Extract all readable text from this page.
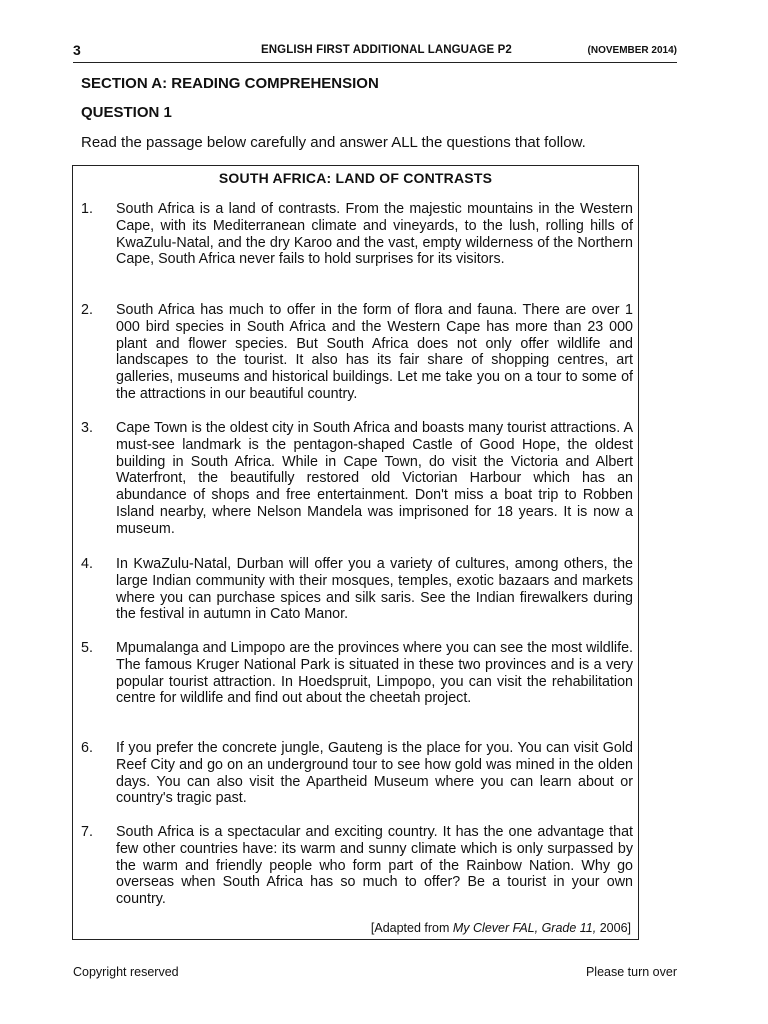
3	ENGLISH FIRST ADDITIONAL LANGUAGE P2	(NOVEMBER 2014)
SECTION A: READING COMPREHENSION
QUESTION 1
Read the passage below carefully and answer ALL the questions that follow.
SOUTH AFRICA: LAND OF CONTRASTS
1.	South Africa is a land of contrasts. From the majestic mountains in the Western Cape, with its Mediterranean climate and vineyards, to the lush, rolling hills of KwaZulu-Natal, and the dry Karoo and the vast, empty wilderness of the Northern Cape, South Africa never fails to hold surprises for its visitors.
2.	South Africa has much to offer in the form of flora and fauna. There are over 1 000 bird species in South Africa and the Western Cape has more than 23 000 plant and flower species. But South Africa does not only offer wildlife and landscapes to the tourist. It also has its fair share of shopping centres, art galleries, museums and historical buildings. Let me take you on a tour to some of the attractions in our beautiful country.
3.	Cape Town is the oldest city in South Africa and boasts many tourist attractions. A must-see landmark is the pentagon-shaped Castle of Good Hope, the oldest building in South Africa. While in Cape Town, do visit the Victoria and Albert Waterfront, the beautifully restored old Victorian Harbour which has an abundance of shops and free entertainment. Don't miss a boat trip to Robben Island nearby, where Nelson Mandela was imprisoned for 18 years. It is now a museum.
4.	In KwaZulu-Natal, Durban will offer you a variety of cultures, among others, the large Indian community with their mosques, temples, exotic bazaars and markets where you can purchase spices and silk saris. See the Indian firewalkers during the festival in autumn in Cato Manor.
5.	Mpumalanga and Limpopo are the provinces where you can see the most wildlife. The famous Kruger National Park is situated in these two provinces and is a very popular tourist attraction. In Hoedspruit, Limpopo, you can visit the rehabilitation centre for wildlife and find out about the cheetah project.
6.	If you prefer the concrete jungle, Gauteng is the place for you. You can visit Gold Reef City and go on an underground tour to see how gold was mined in the olden days. You can also visit the Apartheid Museum where you can learn about or country's tragic past.
7.	South Africa is a spectacular and exciting country. It has the one advantage that few other countries have: its warm and sunny climate which is only surpassed by the warm and friendly people who form part of the Rainbow Nation. Why go overseas when South Africa has so much to offer? Be a tourist in your own country.
[Adapted from My Clever FAL, Grade 11, 2006]
Copyright reserved	Please turn over
